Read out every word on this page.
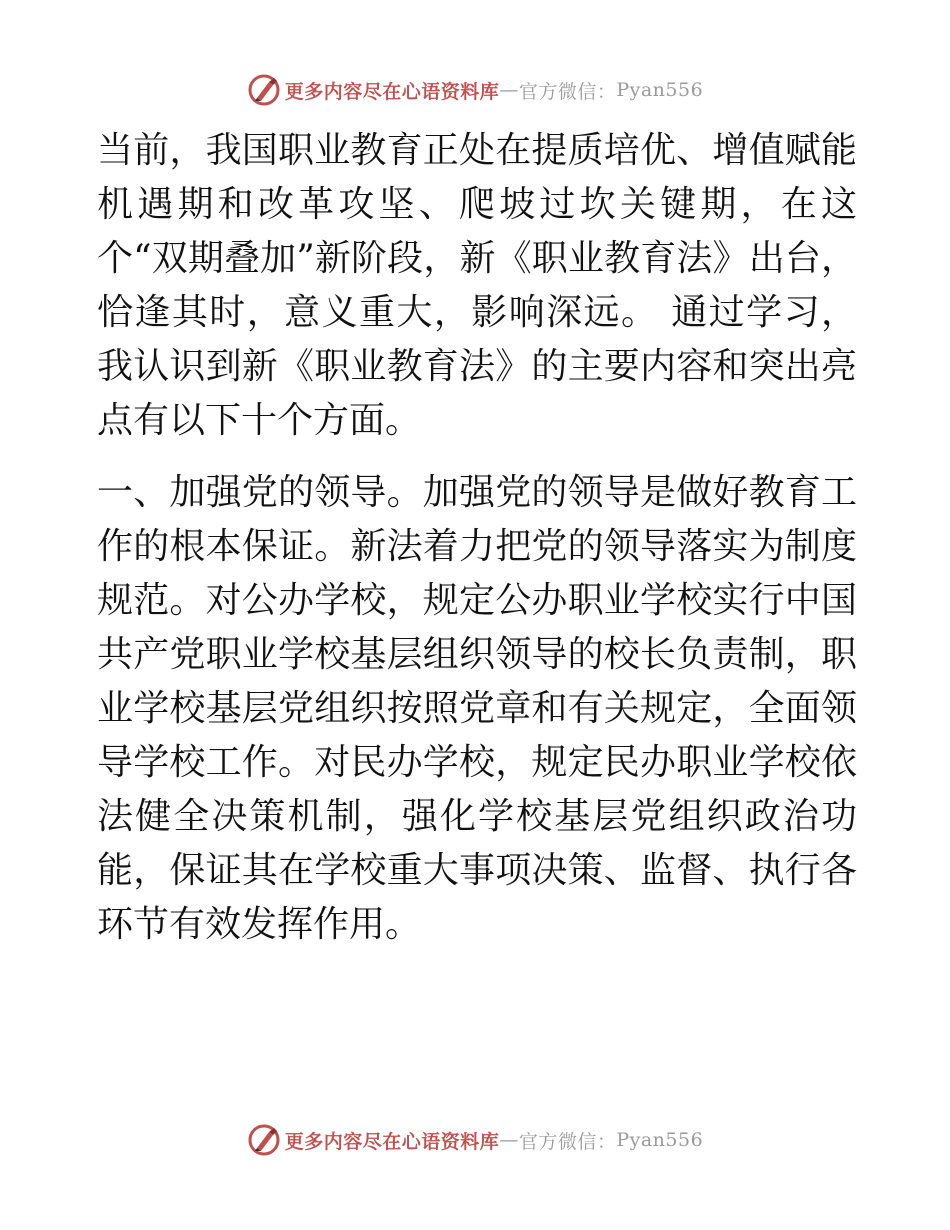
更多内容尽在心语资料库 — 官方微信： Pyan556

当前，我国职业教育正处在提质培优、增值赋能机遇期和改革攻坚、爬坡过坎关键期，在这个“双期叠加”新阶段，新《职业教育法》出台，恰逢其时，意义重大，影响深远。 通过学习，我认识到新《职业教育法》的主要内容和突出亮点有以下十个方面。

一、加强党的领导。加强党的领导是做好教育工作的根本保证。新法着力把党的领导落实为制度规范。对公办学校，规定公办职业学校实行中国共产党职业学校基层组织领导的校长负责制，职业学校基层党组织按照党章和有关规定，全面领导学校工作。对民办学校，规定民办职业学校依法健全决策机制，强化学校基层党组织政治功能，保证其在学校重大事项决策、监督、执行各环节有效发挥作用。

更多内容尽在心语资料库 — 官方微信： Pyan556
